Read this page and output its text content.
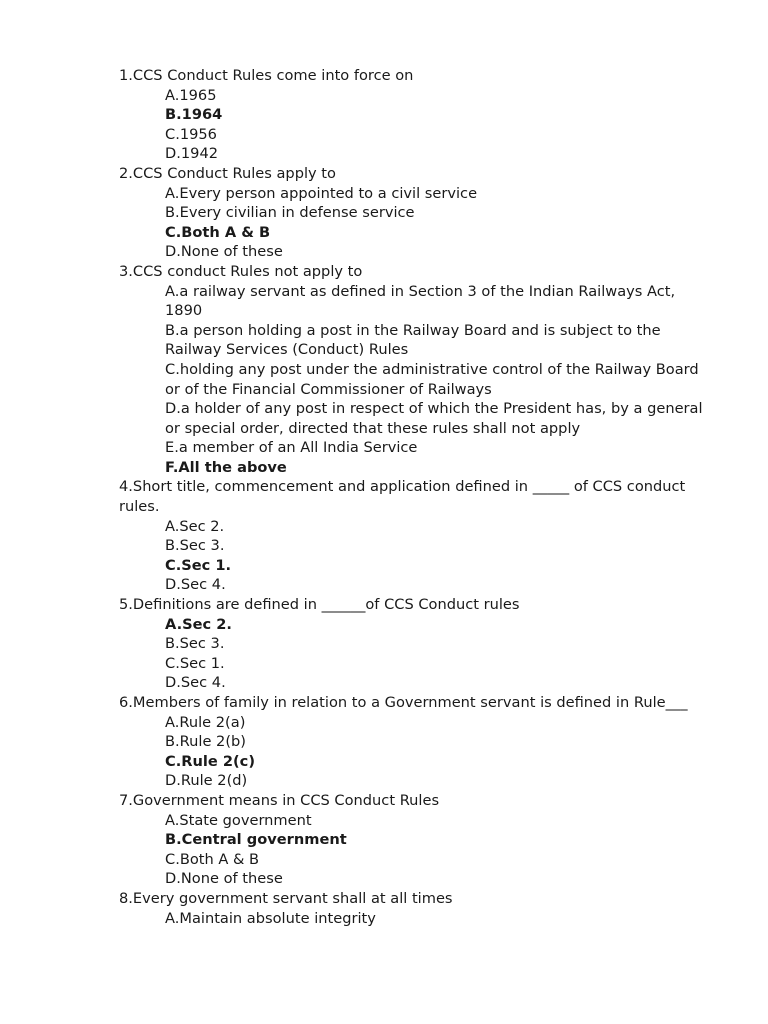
1.CCS Conduct Rules come into force on
A.1965
B.1964
C.1956
D.1942
2.CCS Conduct Rules apply to
A.Every person appointed to a civil service
B.Every civilian in defense service
C.Both A & B
D.None of these
3.CCS conduct Rules not apply to
A.a railway servant as defined in Section 3 of the Indian Railways Act, 1890
B.a person holding a post in the Railway Board and is subject to the Railway Services (Conduct) Rules
C.holding any post under the administrative control of the Railway Board or of the Financial Commissioner of Railways
D.a holder of any post in respect of which the President has, by a general or special order, directed that these rules shall not apply
E.a member of an All India Service
F.All the above
4.Short title, commencement and application defined in _____ of CCS conduct rules.
A.Sec 2.
B.Sec 3.
C.Sec 1.
D.Sec 4.
5.Definitions are defined in ______of CCS Conduct rules
A.Sec 2.
B.Sec 3.
C.Sec 1.
D.Sec 4.
6.Members of family in relation to a Government servant is defined in Rule___
A.Rule 2(a)
B.Rule 2(b)
C.Rule 2(c)
D.Rule 2(d)
7.Government means in CCS Conduct Rules
A.State government
B.Central government
C.Both A & B
D.None of these
8.Every government servant shall at all times
A.Maintain absolute integrity
